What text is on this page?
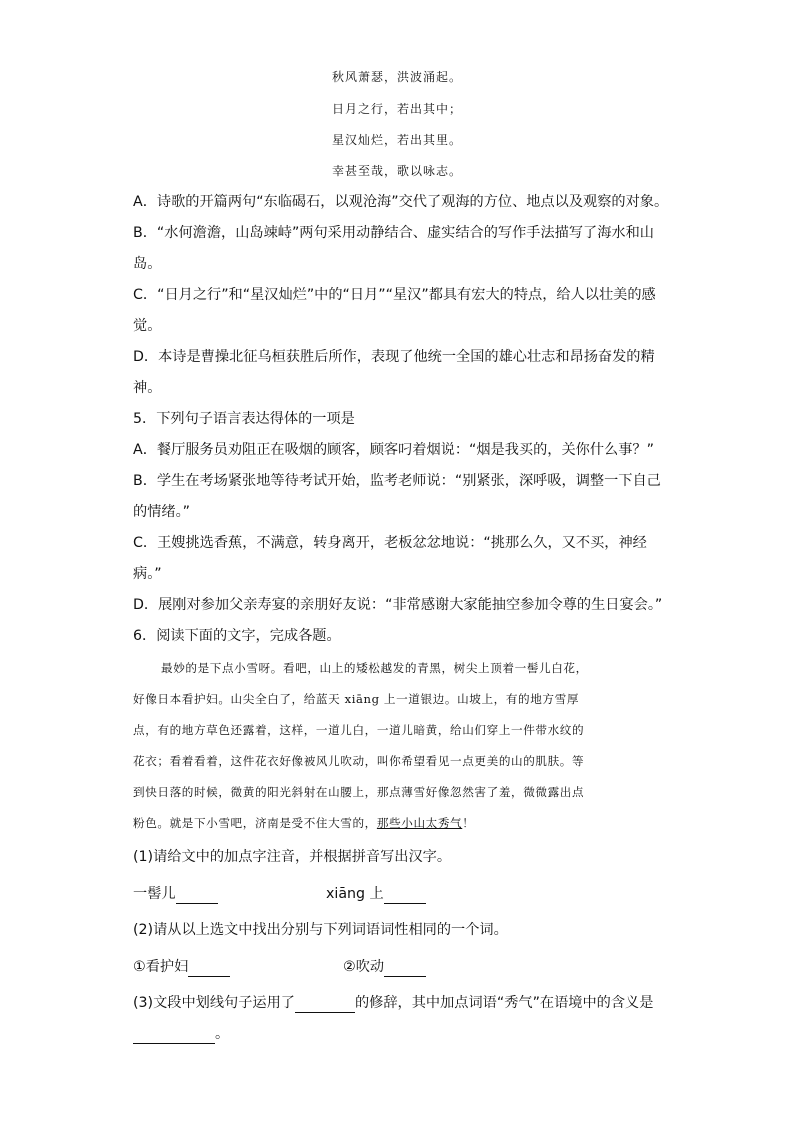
秋风萧瑟，洪波涌起。
日月之行，若出其中；
星汉灿烂，若出其里。
幸甚至哉，歌以咏志。
A．诗歌的开篇两句“东临碣石，以观沧海”交代了观海的方位、地点以及观察的对象。
B．“水何澹澹，山岛竦峙”两句采用动静结合、虚实结合的写作手法描写了海水和山
岛。
C．“日月之行”和“星汉灿烂”中的“日月”“星汉”都具有宏大的特点，给人以壮美的感
觉。
D．本诗是曹操北征乌桓获胜后所作，表现了他统一全国的雄心壮志和昂扬奋发的精
神。
5．下列句子语言表达得体的一项是
A．餐厅服务员劝阻正在吸烟的顾客，顾客叼着烟说：“烟是我买的，关你什么事？”
B．学生在考场紧张地等待考试开始，监考老师说：“别紧张，深呼吸，调整一下自己
的情绪。”
C．王嫂挑选香蕉，不满意，转身离开，老板忿忿地说：“挑那么久，又不买，神经
病。”
D．展刚对参加父亲寿宴的亲朋好友说：“非常感谢大家能抽空参加令尊的生日宴会。”
6．阅读下面的文字，完成各题。
最妙的是下点小雪呀。看吧，山上的矮松越发的青黑，树尖上顶着一髻儿白花，
好像日本看护妇。山尖全白了，给蓝天 xiāng 上一道银边。山坡上，有的地方雪厚
点，有的地方草色还露着，这样，一道儿白，一道儿暗黄，给山们穿上一件带水纹的
花衣；看着看着，这件花衣好像被风儿吹动，叫你希望看见一点更美的山的肌肤。等
到快日落的时候，微黄的阳光斜射在山腰上，那点薄雪好像忽然害了羞，微微露出点
粉色。就是下小雪吧，济南是受不住大雪的，那些小山太秀气！
(1)请给文中的加点字注音，并根据拼音写出汉字。
一髻儿	xiāng 上
(2)请从以上选文中找出分别与下列词语词性相同的一个词。
①看护妇	②吹动
(3)文段中划线句子运用了	的修辞，其中加点词语“秀气”在语境中的含义是
。
